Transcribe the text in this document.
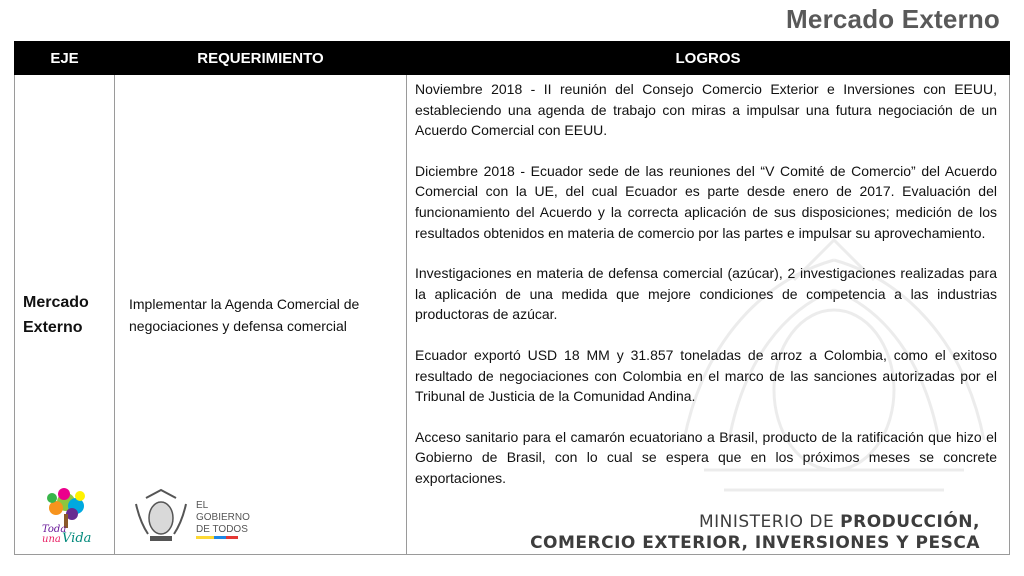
Mercado Externo
EJE	REQUERIMIENTO	LOGROS
Mercado Externo	Implementar la Agenda Comercial de negociaciones y defensa comercial	Noviembre 2018 - II reunión del Consejo Comercio Exterior e Inversiones con EEUU, estableciendo una agenda de trabajo con miras a impulsar una futura negociación de un Acuerdo Comercial con EEUU.

Diciembre 2018 - Ecuador sede de las reuniones del “V Comité de Comercio” del Acuerdo Comercial con la UE, del cual Ecuador es parte desde enero de 2017. Evaluación del funcionamiento del Acuerdo y la correcta aplicación de sus disposiciones; medición de los resultados obtenidos en materia de comercio por las partes e impulsar su aprovechamiento.

Investigaciones en materia de defensa comercial (azúcar), 2 investigaciones realizadas para la aplicación de una medida que mejore condiciones de competencia a las industrias productoras de azúcar.

Ecuador exportó USD 18 MM y 31.857 toneladas de arroz a Colombia, como el exitoso resultado de negociaciones con Colombia en el marco de las sanciones autorizadas por el Tribunal de Justicia de la Comunidad Andina.

Acceso sanitario para el camarón ecuatoriano a Brasil, producto de la ratificación que hizo el Gobierno de Brasil, con lo cual se espera que en los próximos meses se concrete exportaciones.

Toda
una Vida
EL
GOBIERNO
DE TODOS	MINISTERIO DE PRODUCCIÓN,
COMERCIO EXTERIOR, INVERSIONES Y PESCA
